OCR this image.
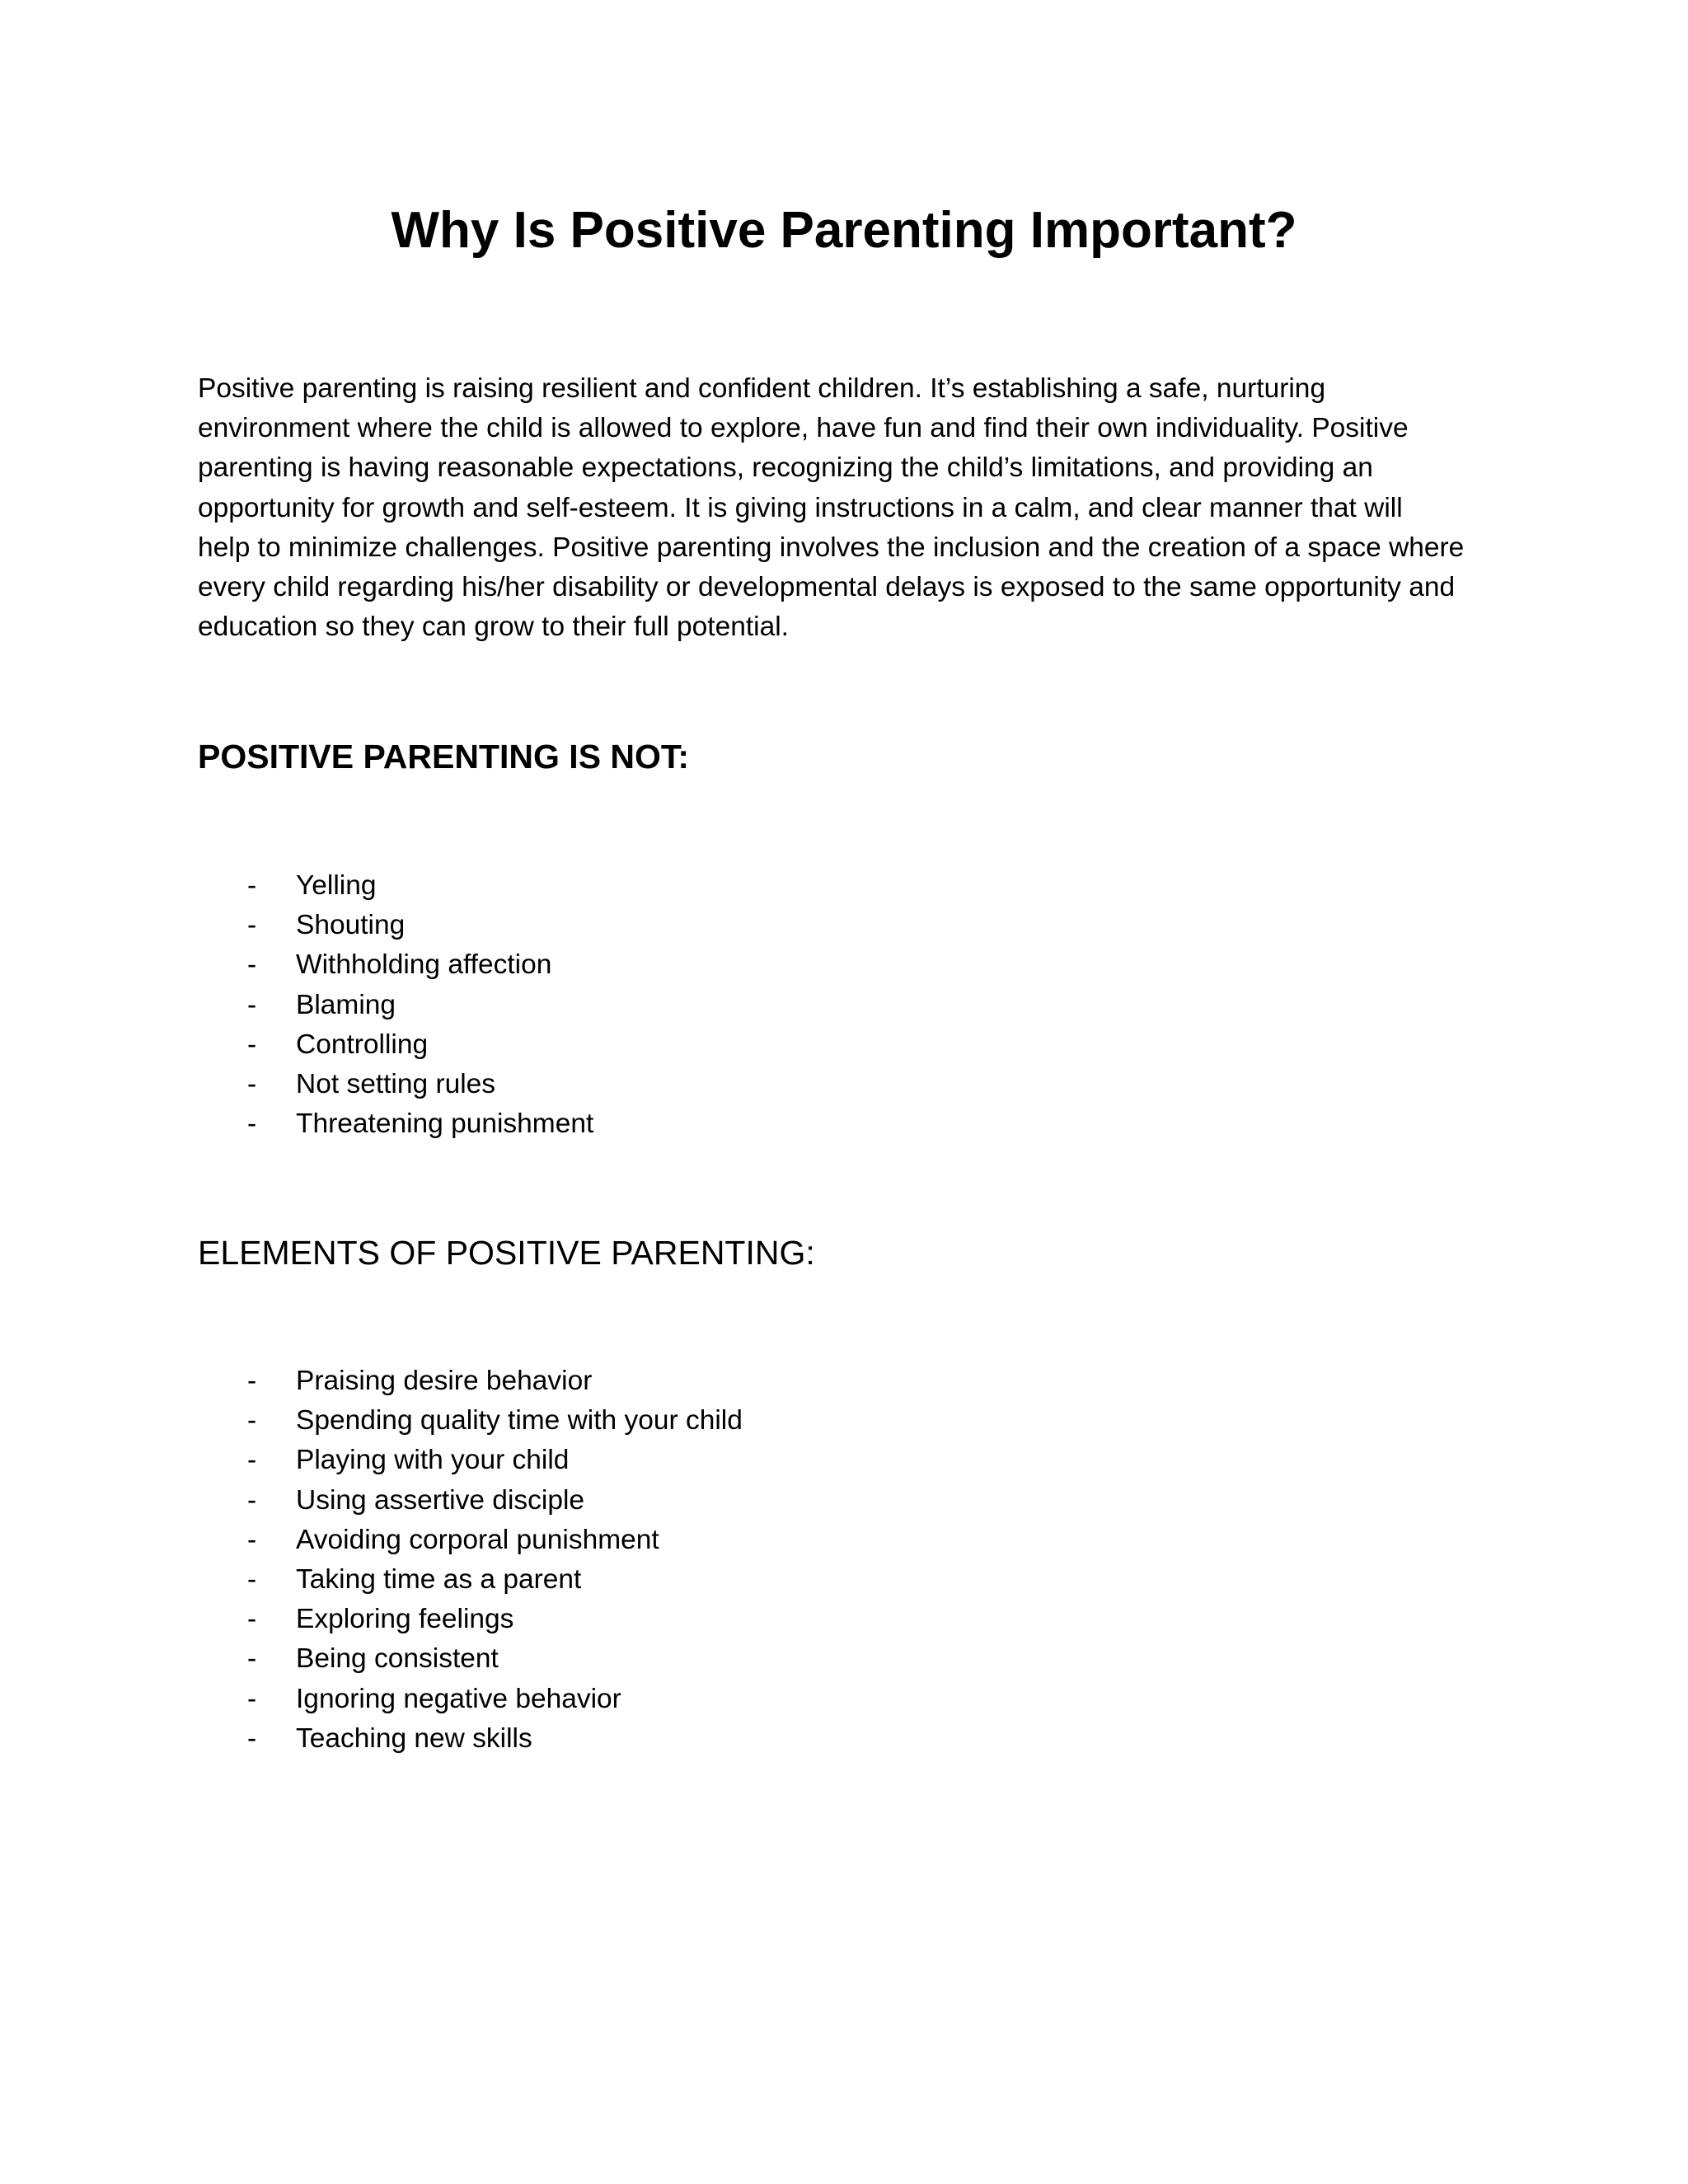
Why Is Positive Parenting Important?

Positive parenting is raising resilient and confident children. It’s establishing a safe, nurturing
environment where the child is allowed to explore, have fun and find their own individuality. Positive
parenting is having reasonable expectations, recognizing the child’s limitations, and providing an
opportunity for growth and self-esteem. It is giving instructions in a calm, and clear manner that will
help to minimize challenges. Positive parenting involves the inclusion and the creation of a space where
every child regarding his/her disability or developmental delays is exposed to the same opportunity and
education so they can grow to their full potential.

POSITIVE PARENTING IS NOT:
- Yelling
- Shouting
- Withholding affection
- Blaming
- Controlling
- Not setting rules
- Threatening punishment
ELEMENTS OF POSITIVE PARENTING:
- Praising desire behavior
- Spending quality time with your child
- Playing with your child
- Using assertive disciple
- Avoiding corporal punishment
- Taking time as a parent
- Exploring feelings
- Being consistent
- Ignoring negative behavior
- Teaching new skills
